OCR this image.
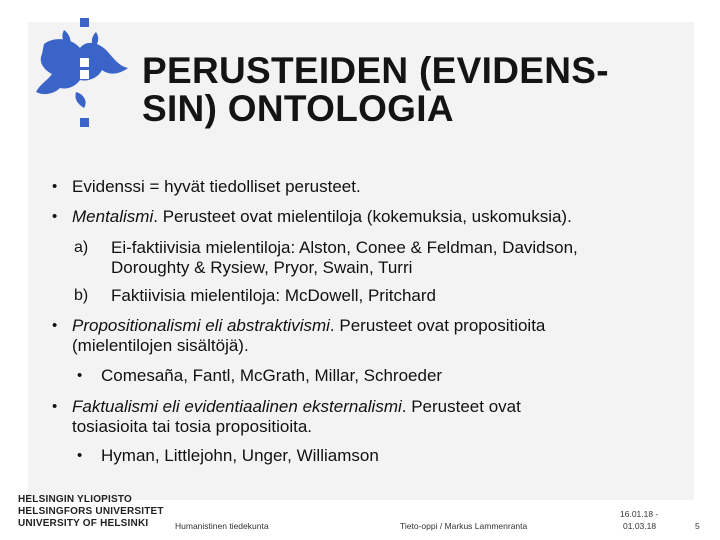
PERUSTEIDEN (EVIDENS-
SIN) ONTOLOGIA
• Evidenssi = hyvät tiedolliset perusteet.
• Mentalismi. Perusteet ovat mielentiloja (kokemuksia, uskomuksia).
a) Ei-faktiivisia mielentiloja: Alston, Conee & Feldman, Davidson,
Doroughty & Rysiew, Pryor, Swain, Turri
b) Faktiivisia mielentiloja: McDowell, Pritchard
• Propositionalismi eli abstraktivismi. Perusteet ovat propositioita
(mielentilojen sisältöjä).
• Comesaña, Fantl, McGrath, Millar, Schroeder
• Faktualismi eli evidentiaalinen eksternalismi. Perusteet ovat
tosiasioita tai tosia propositioita.
• Hyman, Littlejohn, Unger, Williamson
HELSINGIN YLIOPISTO
HELSINGFORS UNIVERSITET
UNIVERSITY OF HELSINKI	Humanistinen tiedekunta	Tieto-oppi / Markus Lammenranta
16.01.18 -
01.03.18	5
